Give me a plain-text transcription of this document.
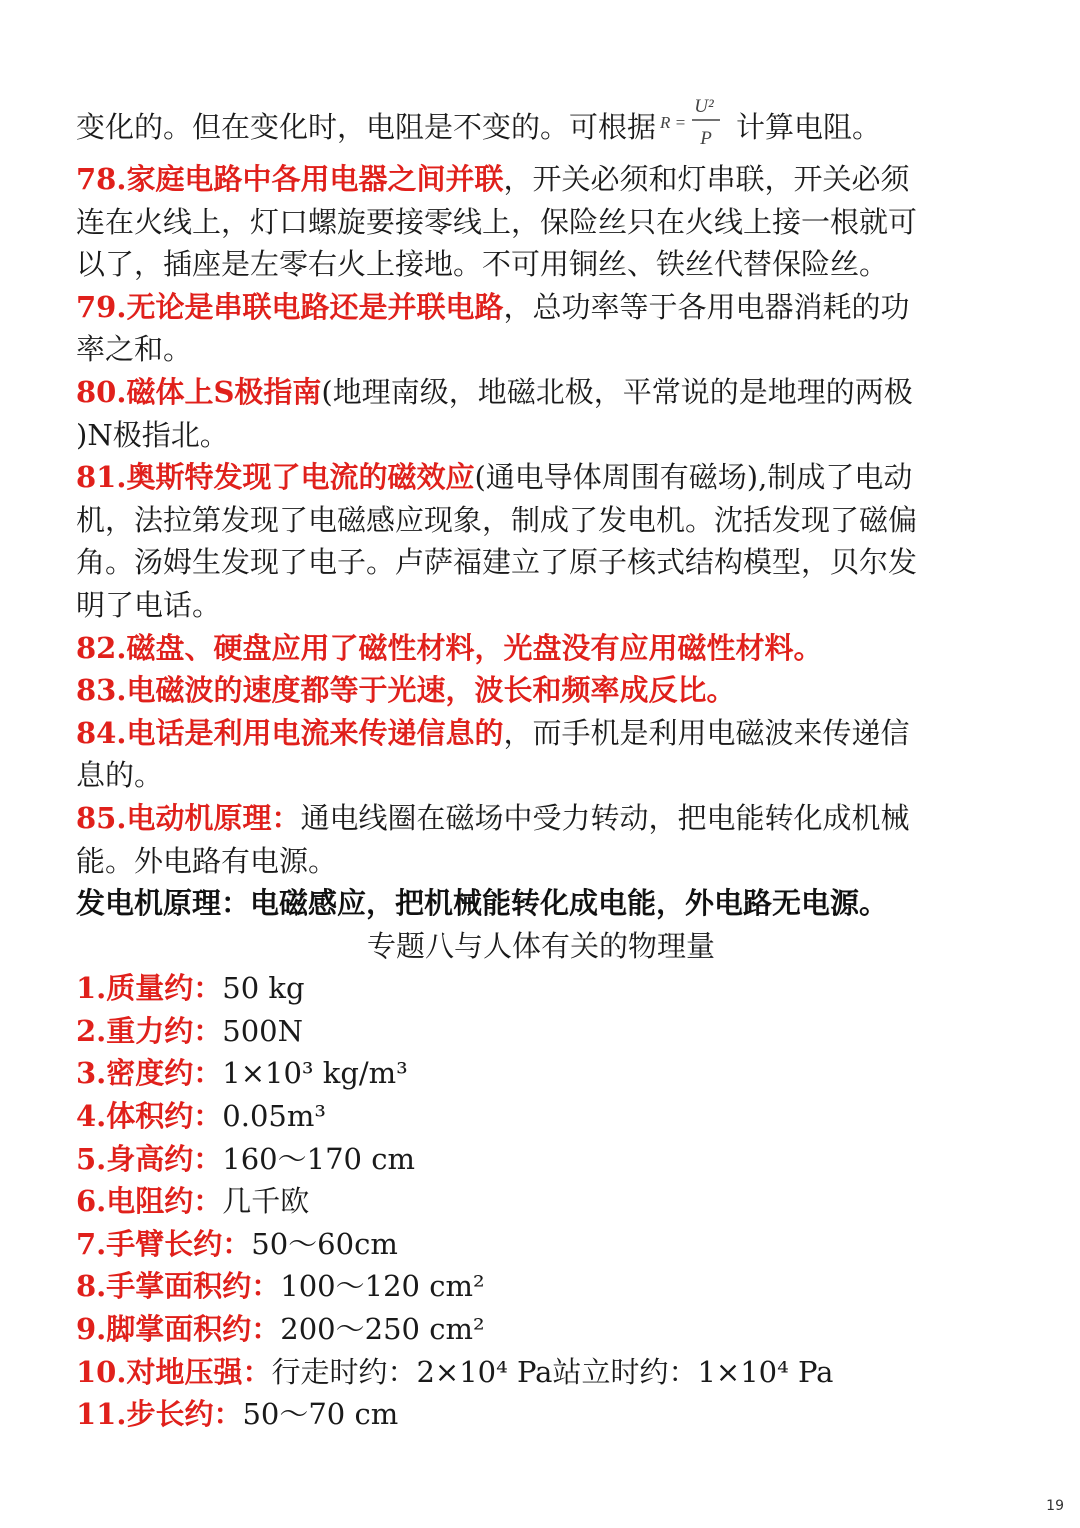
变化的。但在变化时，电阻是不变的。可根据 R =
U²
P 计算电阻。
78.家庭电路中各用电器之间并联，开关必须和灯串联，开关必须
连在火线上，灯口螺旋要接零线上，保险丝只在火线上接一根就可
以了，插座是左零右火上接地。不可用铜丝、铁丝代替保险丝。
79.无论是串联电路还是并联电路，总功率等于各用电器消耗的功
率之和。
80.磁体上S极指南(地理南级，地磁北极，平常说的是地理的两极
)N极指北。
81.奥斯特发现了电流的磁效应(通电导体周围有磁场),制成了电动
机，法拉第发现了电磁感应现象，制成了发电机。沈括发现了磁偏
角。汤姆生发现了电子。卢萨福建立了原子核式结构模型，贝尔发
明了电话。
82.磁盘、硬盘应用了磁性材料，光盘没有应用磁性材料。
83.电磁波的速度都等于光速，波长和频率成反比。
84.电话是利用电流来传递信息的，而手机是利用电磁波来传递信
息的。
85.电动机原理：通电线圈在磁场中受力转动，把电能转化成机械
能。外电路有电源。
发电机原理：电磁感应，把机械能转化成电能，外电路无电源。
专题八与人体有关的物理量
1.质量约：50 kg
2.重力约：500N
3.密度约：1×10³ kg/m³
4.体积约：0.05m³
5.身高约：160～170 cm
6.电阻约：几千欧
7.手臂长约：50～60cm
8.手掌面积约：100～120 cm²
9.脚掌面积约：200～250 cm²
10.对地压强：行走时约：2×10⁴ Pa站立时约：1×10⁴ Pa
11.步长约：50～70 cm
19
